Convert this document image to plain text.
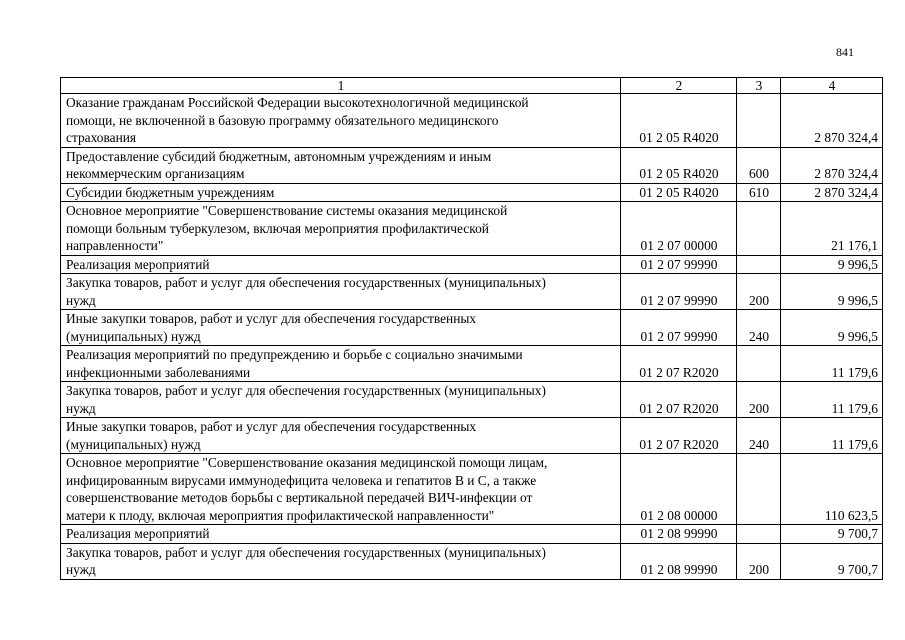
841
1	2	3	4

Оказание гражданам Российской Федерации высокотехнологичной медицинской
помощи, не включенной в базовую программу обязательного медицинского
страхования	01 2 05 R4020		2 870 324,4

Предоставление субсидий бюджетным, автономным учреждениям и иным
некоммерческим организациям	01 2 05 R4020	600	2 870 324,4

Субсидии бюджетным учреждениям	01 2 05 R4020	610	2 870 324,4

Основное мероприятие "Совершенствование системы оказания медицинской
помощи больным туберкулезом, включая мероприятия профилактической
направленности"	01 2 07 00000		21 176,1

Реализация мероприятий	01 2 07 99990		9 996,5

Закупка товаров, работ и услуг для обеспечения государственных (муниципальных)
нужд	01 2 07 99990	200	9 996,5

Иные закупки товаров, работ и услуг для обеспечения государственных
(муниципальных) нужд	01 2 07 99990	240	9 996,5

Реализация мероприятий по предупреждению и борьбе с социально значимыми
инфекционными заболеваниями	01 2 07 R2020		11 179,6

Закупка товаров, работ и услуг для обеспечения государственных (муниципальных)
нужд	01 2 07 R2020	200	11 179,6

Иные закупки товаров, работ и услуг для обеспечения государственных
(муниципальных) нужд	01 2 07 R2020	240	11 179,6

Основное мероприятие "Совершенствование оказания медицинской помощи лицам,
инфицированным вирусами иммунодефицита человека и гепатитов B и C, а также
совершенствование методов борьбы с вертикальной передачей ВИЧ-инфекции от
матери к плоду, включая мероприятия профилактической направленности"	01 2 08 00000		110 623,5

Реализация мероприятий	01 2 08 99990		9 700,7

Закупка товаров, работ и услуг для обеспечения государственных (муниципальных)
нужд	01 2 08 99990	200	9 700,7
